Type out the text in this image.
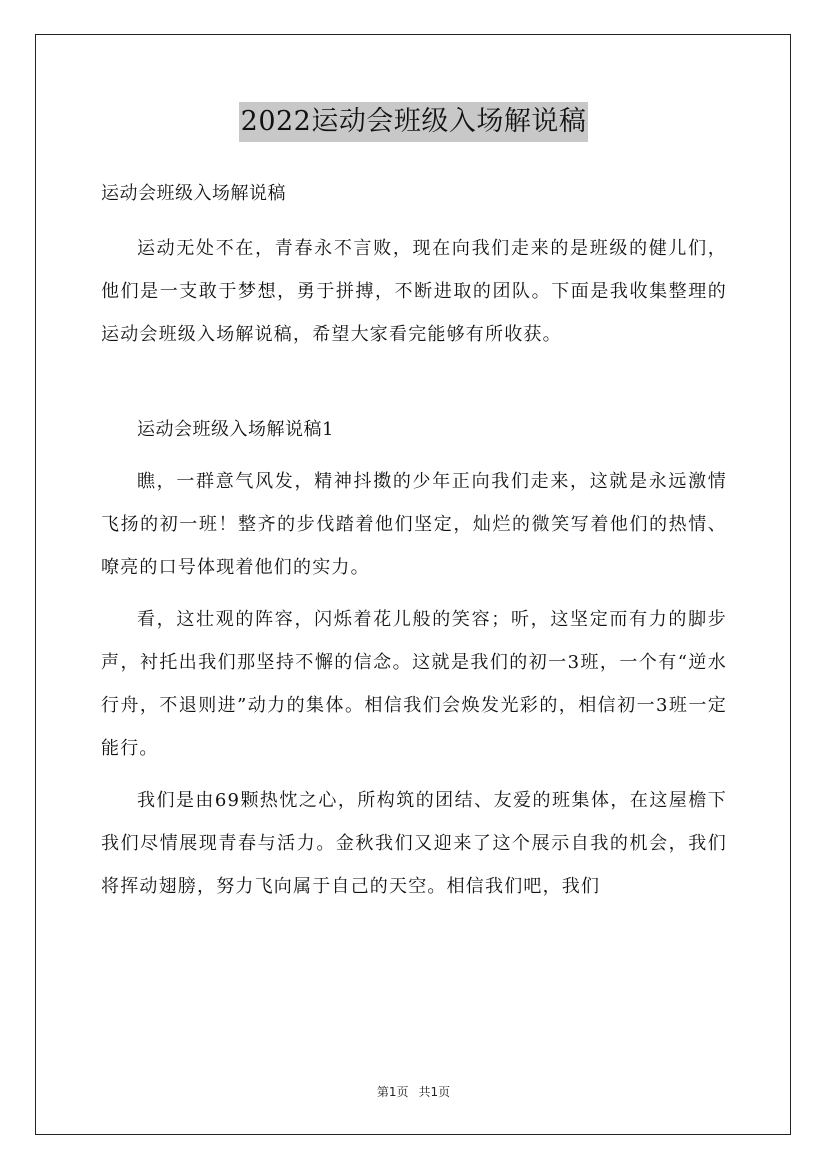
2022运动会班级入场解说稿

运动会班级入场解说稿

运动无处不在，青春永不言败，现在向我们走来的是班级的健儿们，他们是一支敢于梦想，勇于拼搏，不断进取的团队。下面是我收集整理的运动会班级入场解说稿，希望大家看完能够有所收获。

运动会班级入场解说稿1

瞧，一群意气风发，精神抖擞的少年正向我们走来，这就是永远激情飞扬的初一班！整齐的步伐踏着他们坚定，灿烂的微笑写着他们的热情、嘹亮的口号体现着他们的实力。

看，这壮观的阵容，闪烁着花儿般的笑容；听，这坚定而有力的脚步声，衬托出我们那坚持不懈的信念。这就是我们的初一3班，一个有“逆水行舟，不退则进”动力的集体。相信我们会焕发光彩的，相信初一3班一定能行。

我们是由69颗热忱之心，所构筑的团结、友爱的班集体，在这屋檐下我们尽情展现青春与活力。金秋我们又迎来了这个展示自我的机会，我们将挥动翅膀，努力飞向属于自己的天空。相信我们吧，我们

第1页 共1页
